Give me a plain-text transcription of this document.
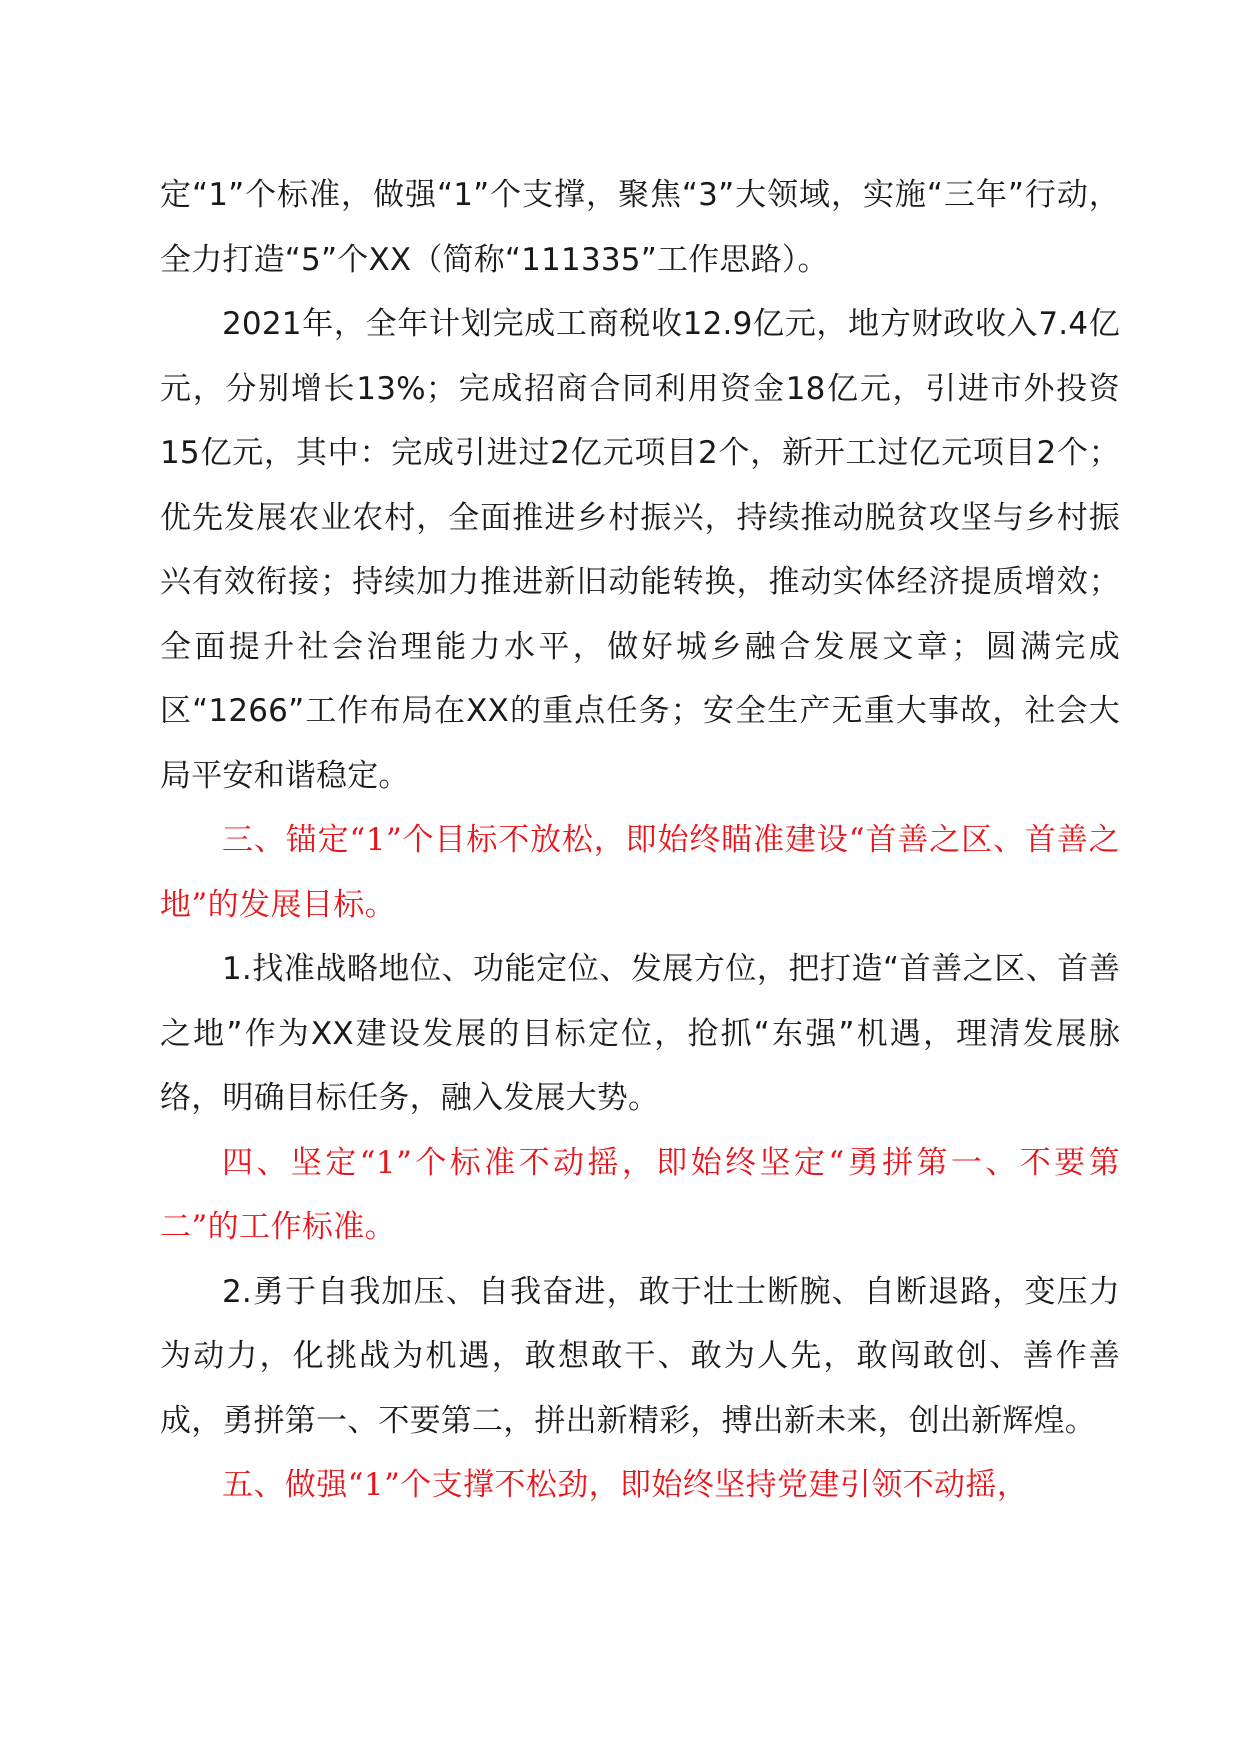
定“1”个标准，做强“1”个支撑，聚焦“3”大领域，实施“三年”行动，全力打造“5”个XX（简称“111335”工作思路）。

2021年，全年计划完成工商税收12.9亿元，地方财政收入7.4亿元，分别增长13%；完成招商合同利用资金18亿元，引进市外投资15亿元，其中：完成引进过2亿元项目2个，新开工过亿元项目2个；优先发展农业农村，全面推进乡村振兴，持续推动脱贫攻坚与乡村振兴有效衔接；持续加力推进新旧动能转换，推动实体经济提质增效；全面提升社会治理能力水平，做好城乡融合发展文章；圆满完成区“1266”工作布局在XX的重点任务；安全生产无重大事故，社会大局平安和谐稳定。

三、锚定“1”个目标不放松，即始终瞄准建设“首善之区、首善之地”的发展目标。

1.找准战略地位、功能定位、发展方位，把打造“首善之区、首善之地”作为XX建设发展的目标定位，抢抓“东强”机遇，理清发展脉络，明确目标任务，融入发展大势。

四、坚定“1”个标准不动摇，即始终坚定“勇拼第一、不要第二”的工作标准。

2.勇于自我加压、自我奋进，敢于壮士断腕、自断退路，变压力为动力，化挑战为机遇，敢想敢干、敢为人先，敢闯敢创、善作善成，勇拼第一、不要第二，拼出新精彩，搏出新未来，创出新辉煌。

五、做强“1”个支撑不松劲，即始终坚持党建引领不动摇，
